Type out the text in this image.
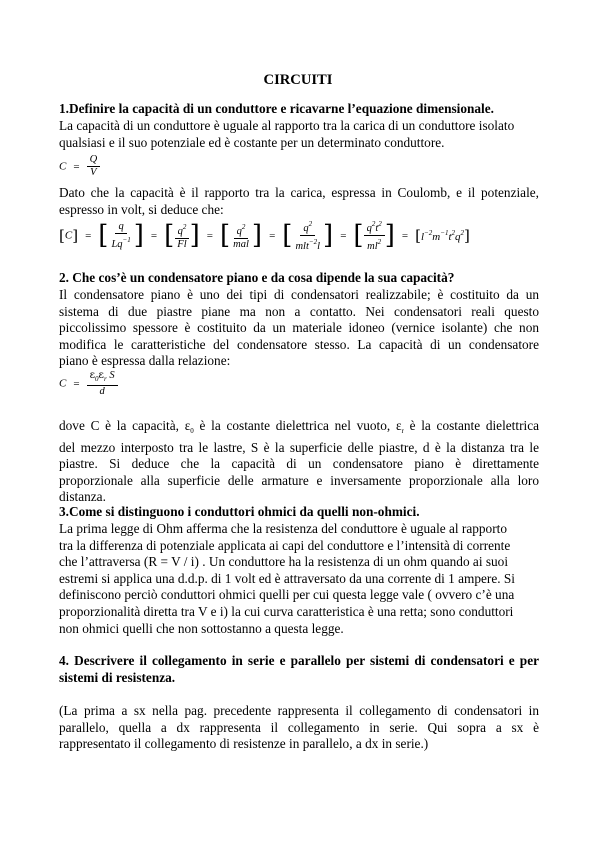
CIRCUITI
1.Definire la capacità di un conduttore e ricavarne l’equazione dimensionale.
La capacità di un conduttore è uguale al rapporto tra la carica di un conduttore isolato
qualsiasi e il suo potenziale ed è costante per un determinato conduttore.
$C = \frac{Q}{V}$
Dato che la capacità è il rapporto tra la carica, espressa in Coulomb, e il potenziale,
espresso in volt, si deduce che:
[C] = [ $\frac{q}{Lq^{-1}}$ ] = [ $\frac{q^2}{Fl}$ ] = [ $\frac{q^2}{\text{mal}}$ ] = [ $\frac{q^2}{mlt^{-2}l}$ ] = [ $\frac{q^2t^2}{ml^2}$ ] = $[l^{-2}m^{-1}t^2q^2]$
2. Che cos’è un condensatore piano e da cosa dipende la sua capacità?
Il condensatore piano è uno dei tipi di condensatori realizzabile; è costituito da un
sistema di due piastre piane ma non a contatto. Nei condensatori reali questo
piccolissimo spessore è costituito da un materiale idoneo (vernice isolante) che non
modifica le caratteristiche del condensatore stesso. La capacità di un condensatore
piano è espressa dalla relazione:
$C = \frac{\varepsilon_0\varepsilon_r S}{d}$
dove C è la capacità, $\varepsilon_0$ è la costante dielettrica nel vuoto, $\varepsilon_r$ è la costante dielettrica
del mezzo interposto tra le lastre, S è la superficie delle piastre, d è la distanza tra le
piastre. Si deduce che la capacità di un condensatore piano è direttamente
proporzionale alla superficie delle armature e inversamente proporzionale alla loro
distanza.
3.Come si distinguono i conduttori ohmici da quelli non-ohmici.
La prima legge di Ohm afferma che la resistenza del conduttore è uguale al rapporto
tra la differenza di potenziale applicata ai capi del conduttore e l’intensità di corrente
che l’attraversa (R = V / i) . Un conduttore ha la resistenza di un ohm quando ai suoi
estremi si applica una d.d.p. di 1 volt ed è attraversato da una corrente di 1 ampere. Si
definiscono perciò conduttori ohmici quelli per cui questa legge vale ( ovvero c’è una
proporzionalità diretta tra V e i) la cui curva caratteristica è una retta; sono conduttori
non ohmici quelli che non sottostanno a questa legge.
4. Descrivere il collegamento in serie e parallelo per sistemi di condensatori e per
sistemi di resistenza.
(La prima a sx nella pag. precedente rappresenta il collegamento di condensatori in
parallelo, quella a dx rappresenta il collegamento in serie. Qui sopra a sx è
rappresentato il collegamento di resistenze in parallelo, a dx in serie.)
